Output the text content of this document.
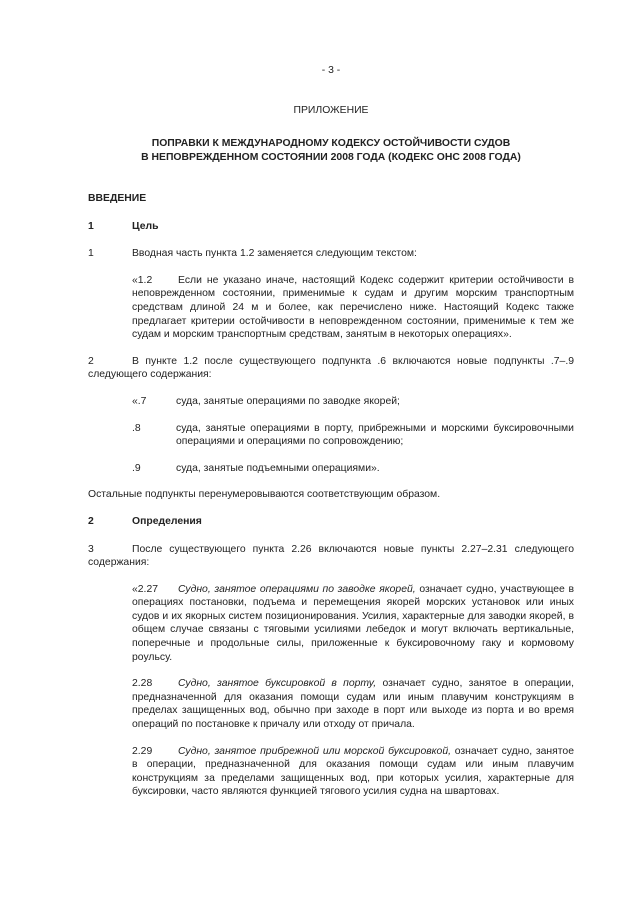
- 3 -
ПРИЛОЖЕНИЕ
ПОПРАВКИ К МЕЖДУНАРОДНОМУ КОДЕКСУ ОСТОЙЧИВОСТИ СУДОВ
В НЕПОВРЕЖДЕННОМ СОСТОЯНИИ 2008 ГОДА (КОДЕКС ОНС 2008 ГОДА)
ВВЕДЕНИЕ
1	Цель
1	Вводная часть пункта 1.2 заменяется следующим текстом:
«1.2 Если не указано иначе, настоящий Кодекс содержит критерии остойчивости в неповрежденном состоянии, применимые к судам и другим морским транспортным средствам длиной 24 м и более, как перечислено ниже. Настоящий Кодекс также предлагает критерии остойчивости в неповрежденном состоянии, применимые к тем же судам и морским транспортным средствам, занятым в некоторых операциях».
2	В пункте 1.2 после существующего подпункта .6 включаются новые подпункты .7–.9 следующего содержания:
«.7	суда, занятые операциями по заводке якорей;
.8	суда, занятые операциями в порту, прибрежными и морскими буксировочными операциями и операциями по сопровождению;
.9	суда, занятые подъемными операциями».
Остальные подпункты перенумеровываются соответствующим образом.
2	Определения
3	После существующего пункта 2.26 включаются новые пункты 2.27–2.31 следующего содержания:
«2.27 Судно, занятое операциями по заводке якорей, означает судно, участвующее в операциях постановки, подъема и перемещения якорей морских установок или иных судов и их якорных систем позиционирования. Усилия, характерные для заводки якорей, в общем случае связаны с тяговыми усилиями лебедок и могут включать вертикальные, поперечные и продольные силы, приложенные к буксировочному гаку и кормовому роульсу.
2.28 Судно, занятое буксировкой в порту, означает судно, занятое в операции, предназначенной для оказания помощи судам или иным плавучим конструкциям в пределах защищенных вод, обычно при заходе в порт или выходе из порта и во время операций по постановке к причалу или отходу от причала.
2.29 Судно, занятое прибрежной или морской буксировкой, означает судно, занятое в операции, предназначенной для оказания помощи судам или иным плавучим конструкциям за пределами защищенных вод, при которых усилия, характерные для буксировки, часто являются функцией тягового усилия судна на швартовах.
